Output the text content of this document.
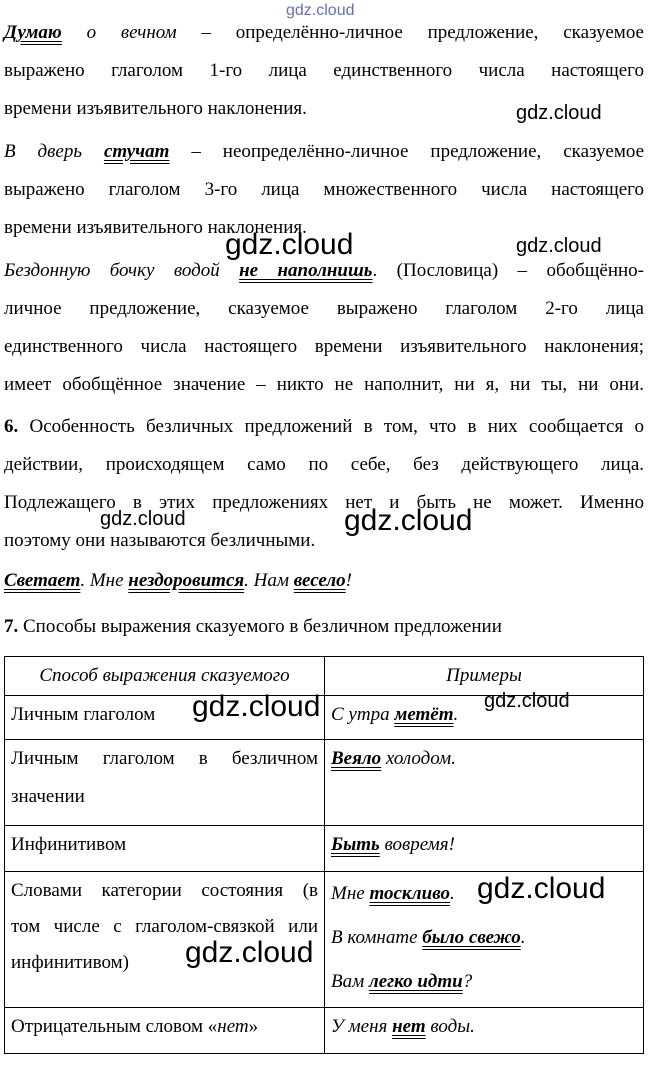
gdz.cloud
gdz.cloud
gdz.cloud	gdz.cloud
gdz.cloud	gdz.cloud
gdz.cloud	gdz.cloud
gdz.cloud
gdz.cloud
Думаю о вечном – определённо-личное предложение, сказуемое
выражено глаголом 1-го лица единственного числа настоящего
времени изъявительного наклонения.
В дверь стучат – неопределённо-личное предложение, сказуемое
выражено глаголом 3-го лица множественного числа настоящего
времени изъявительного наклонения.
Бездонную бочку водой не наполнишь. (Пословица) – обобщённо-
личное предложение, сказуемое выражено глаголом 2-го лица
единственного числа настоящего времени изъявительного наклонения;
имеет обобщённое значение – никто не наполнит, ни я, ни ты, ни они.
6. Особенность безличных предложений в том, что в них сообщается о
действии, происходящем само по себе, без действующего лица.
Подлежащего в этих предложениях нет и быть не может. Именно
поэтому они называются безличными.
Светает. Мне нездоровится. Нам весело!
7. Способы выражения сказуемого в безличном предложении
Способ выражения сказуемого	Примеры

Личным глаголом	С утра метёт.

Личным глаголом в безличном
значении	Веяло холодом.

Инфинитивом	Быть вовремя!

Словами категории состояния (в
том числе с глаголом-связкой или
инфинитивом)	Мне тоскливо.
В комнате было свежо.
Вам легко идти?

Отрицательным словом «нет»	У меня нет воды.
